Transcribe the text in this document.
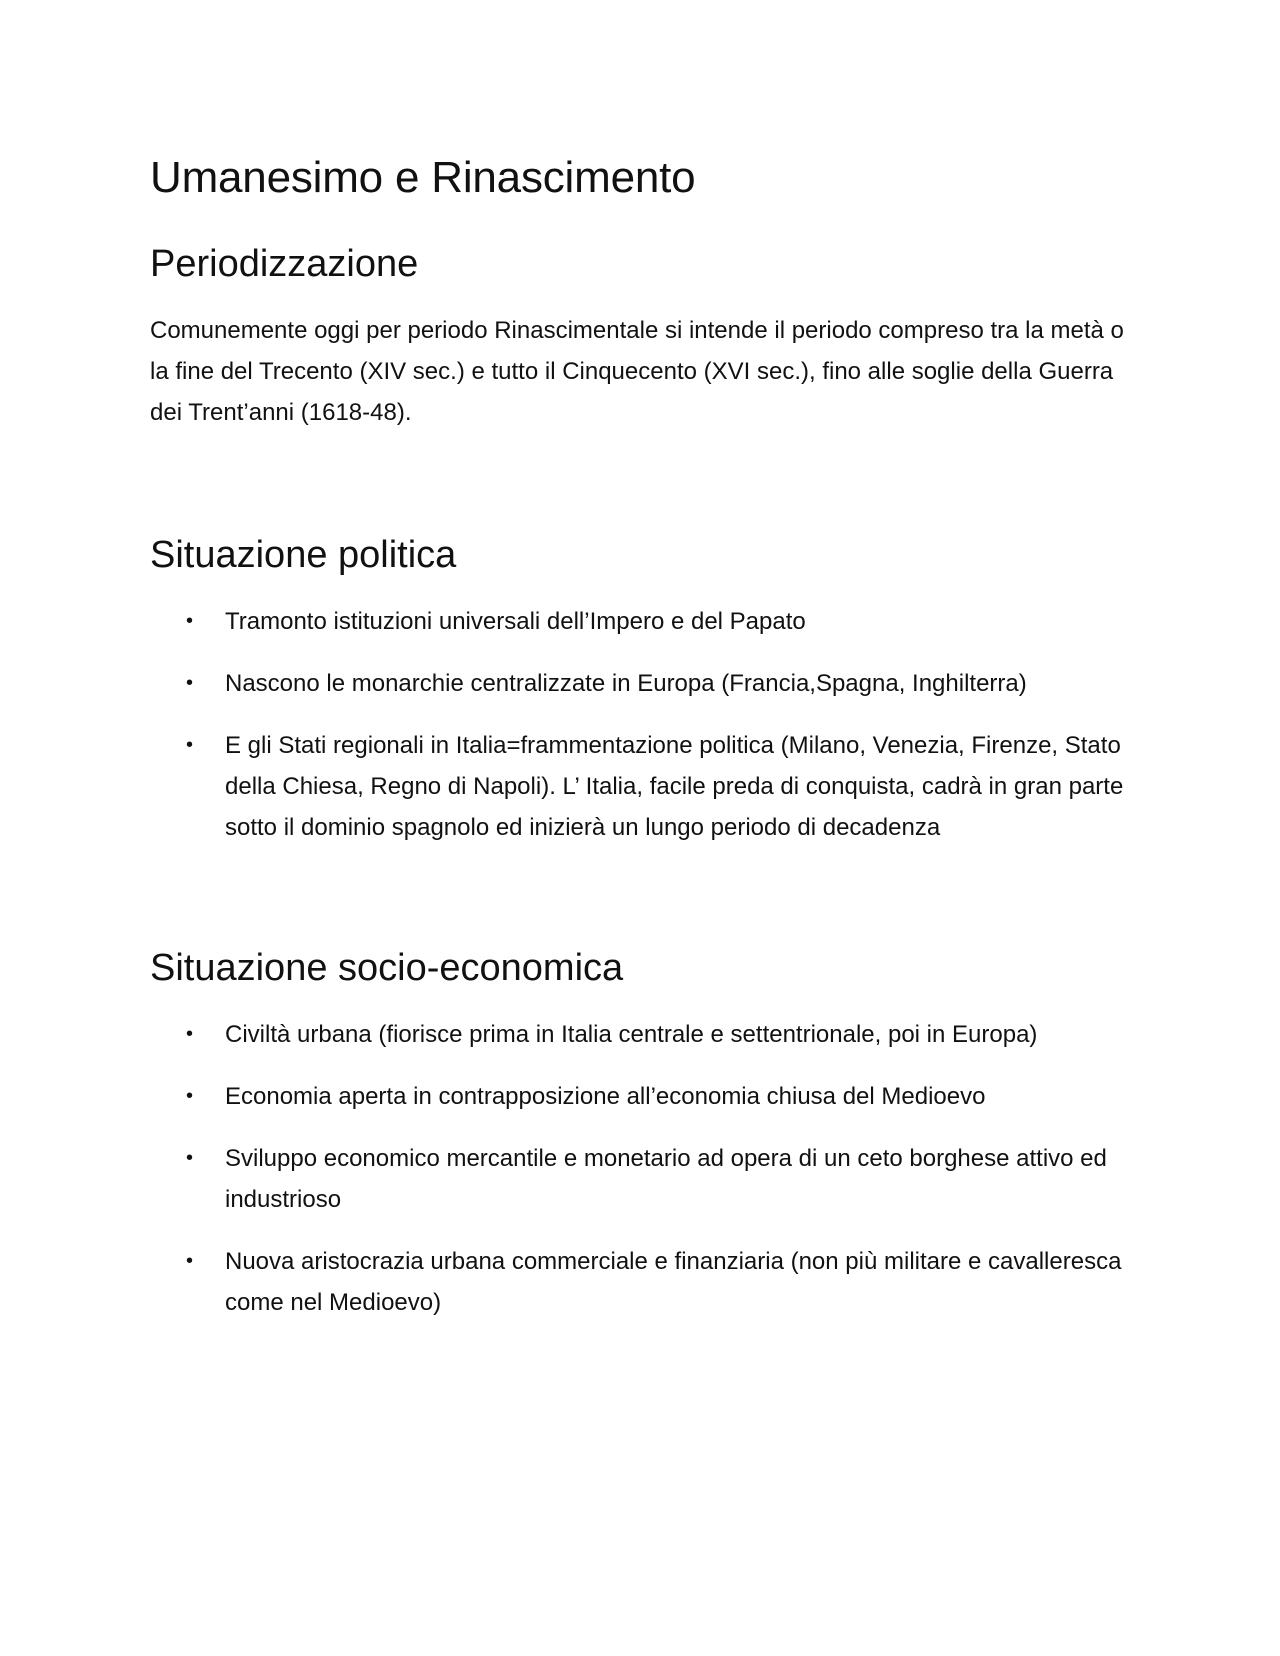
Umanesimo e Rinascimento
Periodizzazione

Comunemente oggi per periodo Rinascimentale si intende il periodo compreso tra la metà o la fine del Trecento (XIV sec.) e tutto il Cinquecento (XVI sec.), fino alle soglie della Guerra dei Trent’anni (1618-48).

Situazione politica
• Tramonto istituzioni universali dell’Impero e del Papato
• Nascono le monarchie centralizzate in Europa (Francia,Spagna, Inghilterra)
• E gli Stati regionali in Italia=frammentazione politica (Milano, Venezia, Firenze, Stato della Chiesa, Regno di Napoli). L’ Italia, facile preda di conquista, cadrà in gran parte sotto il dominio spagnolo ed inizierà un lungo periodo di decadenza
Situazione socio-economica
• Civiltà urbana (fiorisce prima in Italia centrale e settentrionale, poi in Europa)
• Economia aperta in contrapposizione all’economia chiusa del Medioevo
• Sviluppo economico mercantile e monetario ad opera di un ceto borghese attivo ed industrioso
• Nuova aristocrazia urbana commerciale e finanziaria (non più militare e cavalleresca come nel Medioevo)
